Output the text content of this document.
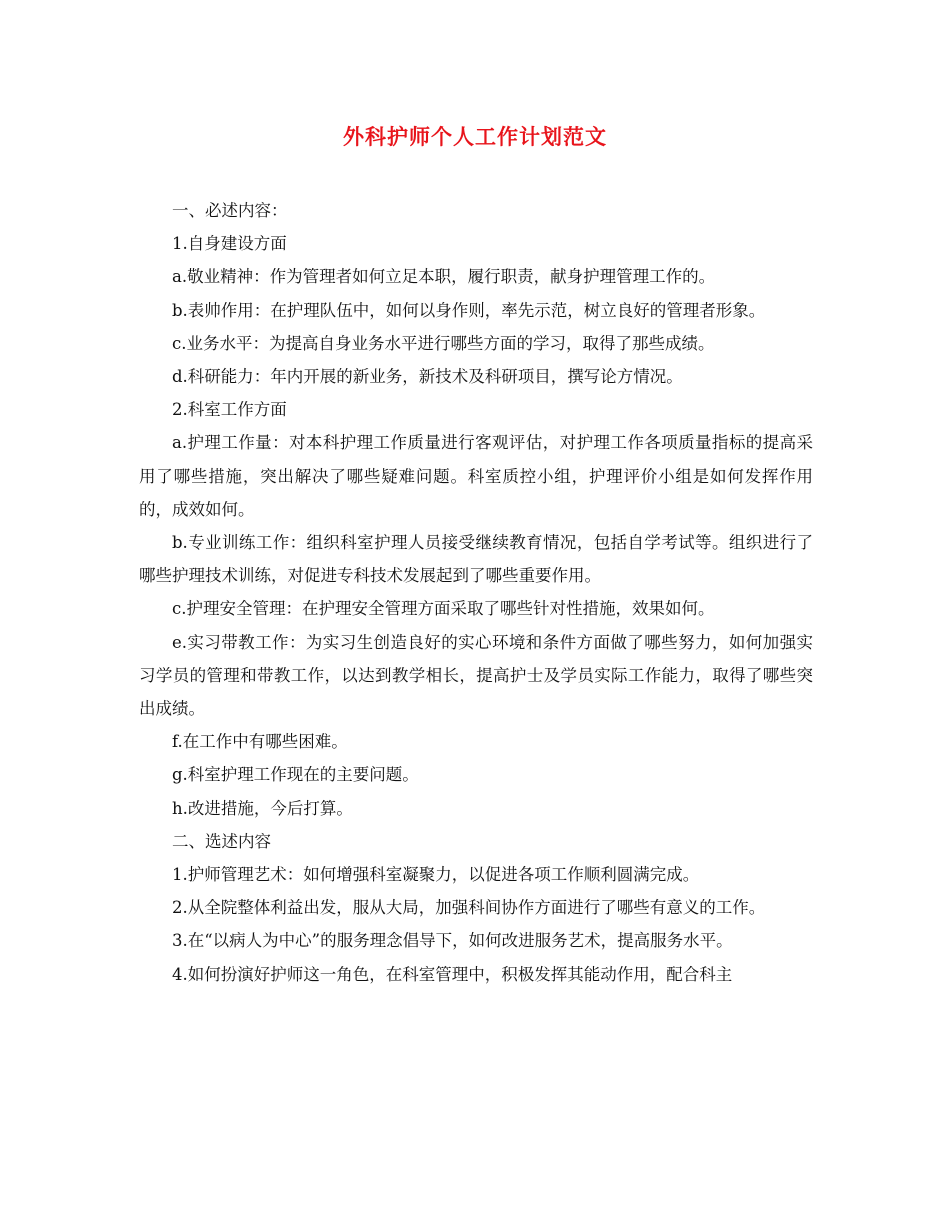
外科护师个人工作计划范文

一、必述内容：

1.自身建设方面

a.敬业精神：作为管理者如何立足本职，履行职责，献身护理管理工作的。

b.表帅作用：在护理队伍中，如何以身作则，率先示范，树立良好的管理者形象。

c.业务水平：为提高自身业务水平进行哪些方面的学习，取得了那些成绩。

d.科研能力：年内开展的新业务，新技术及科研项目，撰写论方情况。

2.科室工作方面

a.护理工作量：对本科护理工作质量进行客观评估，对护理工作各项质量指标的提高采用了哪些措施，突出解决了哪些疑难问题。科室质控小组，护理评价小组是如何发挥作用的，成效如何。

b.专业训练工作：组织科室护理人员接受继续教育情况，包括自学考试等。组织进行了哪些护理技术训练，对促进专科技术发展起到了哪些重要作用。

c.护理安全管理：在护理安全管理方面采取了哪些针对性措施，效果如何。

e.实习带教工作：为实习生创造良好的实心环境和条件方面做了哪些努力，如何加强实习学员的管理和带教工作，以达到教学相长，提高护士及学员实际工作能力，取得了哪些突出成绩。

f.在工作中有哪些困难。

g.科室护理工作现在的主要问题。

h.改进措施，今后打算。

二、选述内容

1.护师管理艺术：如何增强科室凝聚力，以促进各项工作顺利圆满完成。

2.从全院整体利益出发，服从大局，加强科间协作方面进行了哪些有意义的工作。

3.在“以病人为中心”的服务理念倡导下，如何改进服务艺术，提高服务水平。

4.如何扮演好护师这一角色，在科室管理中，积极发挥其能动作用，配合科主
